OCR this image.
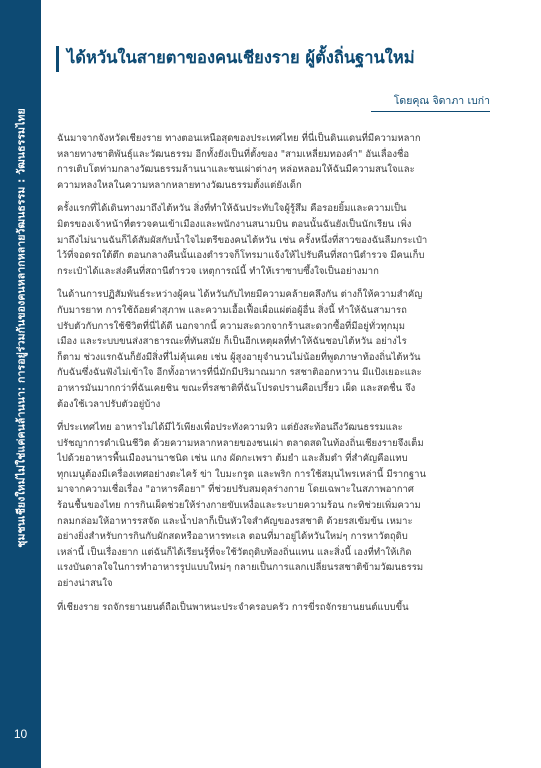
ชุมชนเชียงใหม่ไม่ใช่แค่คนล้านนา: การอยู่ร่วมกันของคนหลากหลายวัฒนธรรม : วัฒนธรรมไทย
10
ได้หวันในสายตาของคนเชียงราย ผู้ตั้งถิ่นฐานใหม่
โดยคุณ จิดาภา เบก่า
ฉันมาจากจังหวัดเชียงราย ทางตอนเหนือสุดของประเทศไทย ที่นี่เป็นดินแดนที่มีความหลาก
หลายทางชาติพันธุ์และวัฒนธรรม อีกทั้งยังเป็นที่ตั้งของ "สามเหลี่ยมทองคำ" อันเลื่องชื่อ
การเติบโตท่ามกลางวัฒนธรรมล้านนาและชนเผ่าต่างๆ หล่อหลอมให้ฉันมีความสนใจและ
ความหลงใหลในความหลากหลายทางวัฒนธรรมตั้งแต่ยังเด็ก
ครั้งแรกที่ได้เดินทางมาถึงไต้หวัน สิ่งที่ทำให้ฉันประทับใจผู้รู้สึม คือรอยยิ้มและความเป็น
มิตรของเจ้าหน้าที่ตรวจคนเข้าเมืองและพนักงานสนามบิน ตอนนั้นฉันยังเป็นนักเรียน เพิ่ง
มาถึงไม่นานฉันก็ได้สัมผัสกับน้ำใจไมตรีของคนไต้หวัน เช่น ครั้งหนึ่งที่สาวของฉันลืมกระเป๋า
ไว้ที่จอดรถใต้ตึก ตอนกลางคืนนั้นเองตำรวจก็โทรมาแจ้งให้ไปรับคืนที่สถานีตำรวจ มีคนเก็บ
กระเป๋าได้และส่งคืนที่สถานีตำรวจ เหตุการณ์นี้ ทำให้เราซาบซึ้งใจเป็นอย่างมาก
ในด้านการปฏิสัมพันธ์ระหว่างผู้คน ได้หวันกับไทยมีความคล้ายคลึงกัน ต่างก็ให้ความสำคัญ
กับมารยาท การใช้ถ้อยคำสุภาพ และความเอื้อเฟื้อเผื่อแผ่ต่อผู้อื่น สิ่งนี้ ทำให้ฉันสามารถ
ปรับตัวกับการใช้ชีวิตที่นี่ได้ดี นอกจากนี้ ความสะดวกจากร้านสะดวกซื้อที่มีอยู่ทั่วทุกมุม
เมือง และระบบขนส่งสาธารณะที่ทันสมัย ก็เป็นอีกเหตุผลที่ทำให้ฉันชอบไต้หวัน อย่างไร
ก็ตาม ช่วงแรกฉันก็ยังมีสิ่งที่ไม่คุ้นเคย เช่น ผู้สูงอายุจำนวนไม่น้อยที่พูดภาษาท้องถิ่นไต้หวัน
กับฉันซึ่งฉันฟังไม่เข้าใจ อีกทั้งอาหารที่นี่มักมีปริมาณมาก รสชาติออกหวาน มีแป้งเยอะและ
อาหารมันมากกว่าที่ฉันเคยชิน ขณะที่รสชาติที่ฉันโปรดปรานคือเปรี้ยว เผ็ด และสดชื่น จึง
ต้องใช้เวลาปรับตัวอยู่บ้าง
ที่ประเทศไทย อาหารไม่ได้มีไว้เพียงเพื่อประทังความหิว แต่ยังสะท้อนถึงวัฒนธรรมและ
ปรัชญาการดำเนินชีวิต ด้วยความหลากหลายของชนเผ่า ตลาดสดในท้องถิ่นเชียงรายจึงเต็ม
ไปด้วยอาหารพื้นเมืองนานาชนิด เช่น แกง ผัดกะเพรา ต้มยำ และส้มตำ ที่สำคัญคือแทบ
ทุกเมนูต้องมีเครื่องเทศอย่างตะไคร้ ข่า ใบมะกรูด และพริก การใช้สมุนไพรเหล่านี้ มีรากฐาน
มาจากความเชื่อเรื่อง "อาหารคือยา" ที่ช่วยปรับสมดุลร่างกาย โดยเฉพาะในสภาพอากาศ
ร้อนชื้นของไทย การกินเผ็ดช่วยให้ร่างกายขับเหงื่อและระบายความร้อน กะทิช่วยเพิ่มความ
กลมกล่อมให้อาหารรสจัด และน้ำปลาก็เป็นหัวใจสำคัญของรสชาติ ด้วยรสเข้มข้น เหมาะ
อย่างยิ่งสำหรับการกินกับผักสดหรืออาหารทะเล ตอนที่มาอยู่ได้หวันใหม่ๆ การหาวัตถุดิบ
เหล่านี้ เป็นเรื่องยาก แต่ฉันก็ได้เรียนรู้ที่จะใช้วัตถุดิบท้องถิ่นแทน และสิ่งนี้ เองที่ทำให้เกิด
แรงบันดาลใจในการทำอาหารรูปแบบใหม่ๆ กลายเป็นการแลกเปลี่ยนรสชาติข้ามวัฒนธรรม
อย่างน่าสนใจ
ที่เชียงราย รถจักรยานยนต์ถือเป็นพาหนะประจำครอบครัว การขี่รถจักรยานยนต์แบบขี้น
